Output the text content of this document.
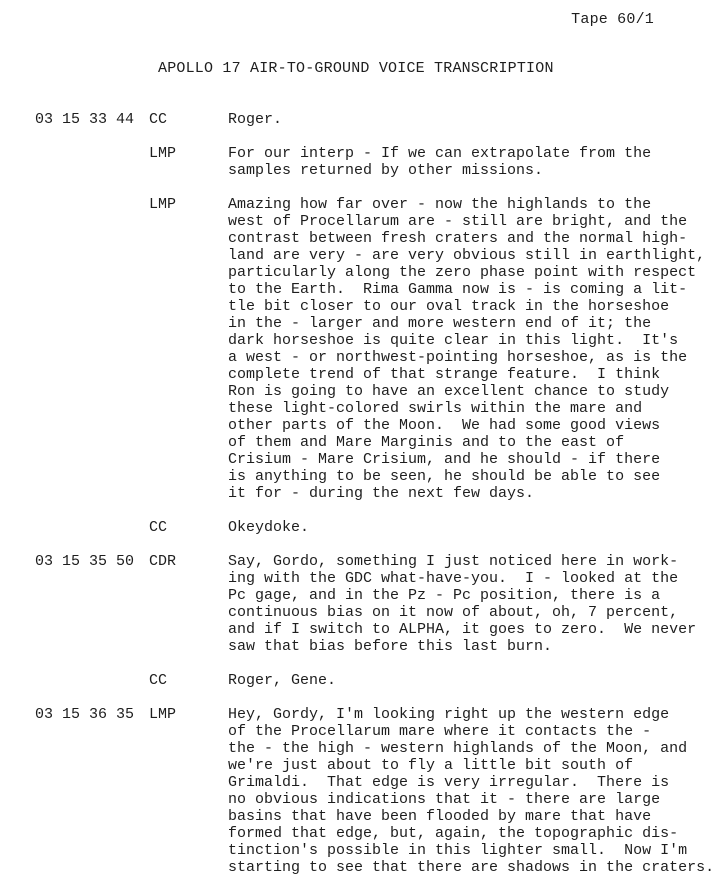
Tape 60/1
APOLLO 17 AIR-TO-GROUND VOICE TRANSCRIPTION
03 15 33 44 CC	Roger.
LMP	For our interp - If we can extrapolate from the
samples returned by other missions.
LMP	Amazing how far over - now the highlands to the
west of Procellarum are - still are bright, and the
contrast between fresh craters and the normal high-
land are very - are very obvious still in earthlight,
particularly along the zero phase point with respect
to the Earth.  Rima Gamma now is - is coming a lit-
tle bit closer to our oval track in the horseshoe
in the - larger and more western end of it; the
dark horseshoe is quite clear in this light.  It's
a west - or northwest-pointing horseshoe, as is the
complete trend of that strange feature.  I think
Ron is going to have an excellent chance to study
these light-colored swirls within the mare and
other parts of the Moon.  We had some good views
of them and Mare Marginis and to the east of
Crisium - Mare Crisium, and he should - if there
is anything to be seen, he should be able to see
it for - during the next few days.
CC	Okeydoke.
03 15 35 50 CDR	Say, Gordo, something I just noticed here in work-
ing with the GDC what-have-you.  I - looked at the
Pc gage, and in the Pz - Pc position, there is a
continuous bias on it now of about, oh, 7 percent,
and if I switch to ALPHA, it goes to zero.  We never
saw that bias before this last burn.
CC	Roger, Gene.
03 15 36 35 LMP	Hey, Gordy, I'm looking right up the western edge
of the Procellarum mare where it contacts the -
the - the high - western highlands of the Moon, and
we're just about to fly a little bit south of
Grimaldi.  That edge is very irregular.  There is
no obvious indications that it - there are large
basins that have been flooded by mare that have
formed that edge, but, again, the topographic dis-
tinction's possible in this lighter small.  Now I'm
starting to see that there are shadows in the craters.
